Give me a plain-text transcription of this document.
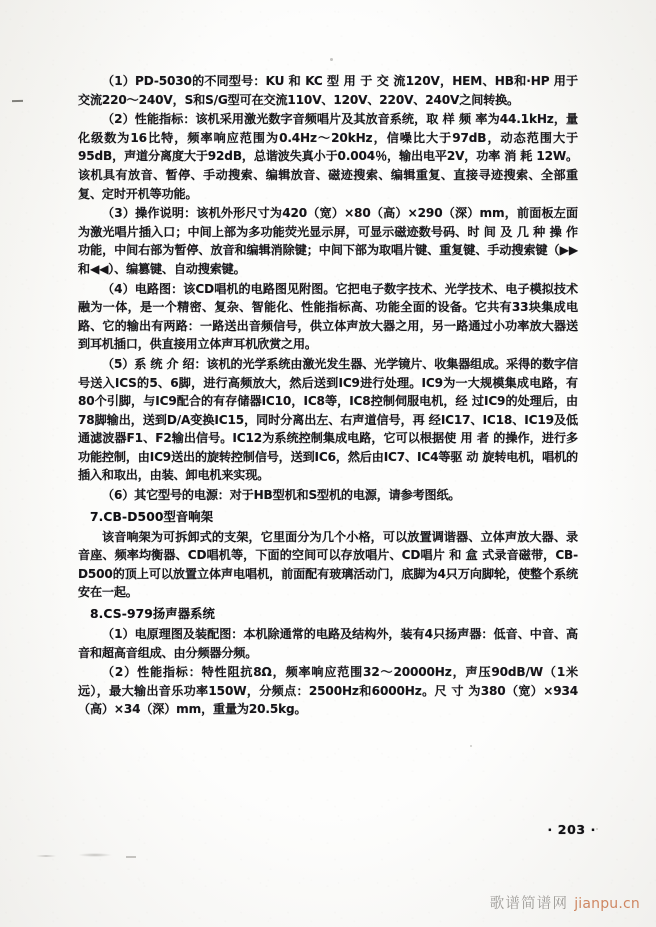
（1）PD-5030的不同型号：KU 和 KC 型 用 于 交 流120V，HEM、HB和·HP 用于 交流220～240V，S和S/G型可在交流110V、120V、220V、240V之间转换。

（2）性能指标：该机采用激光数字音频唱片及其放音系统，取 样 频 率为44.1kHz，量化级数为16比特，频率响应范围为0.4Hz～20kHz，信噪比大于97dB，动态范围大于95dB，声道分离度大于92dB，总谐波失真小于0.004％，输出电平2V，功率 消 耗 12W。该机具有放音、暂停、手动搜索、编辑放音、磁迹搜索、编辑重复、直接寻迹搜索、全部重复、定时开机等功能。

（3）操作说明：该机外形尺寸为420（宽）×80（高）×290（深）mm，前面板左面为激光唱片插入口；中间上部为多功能荧光显示屏，可显示磁迹数号码、时 间 及 几 种 操 作功能，中间右部为暂停、放音和编辑消除键；中间下部为取唱片键、重复键、手动搜索键（▶▶和◀◀）、编篡键、自动搜索键。

（4）电路图：该CD唱机的电路图见附图。它把电子数字技术、光学技术、电子模拟技术融为一体，是一个精密、复杂、智能化、性能指标高、功能全面的设备。它共有33块集成电路、它的输出有两路：一路送出音频信号，供立体声放大器之用，另一路通过小功率放大器送到耳机插口，供直接用立体声耳机欣赏之用。

（5）系 统 介 绍：该机的光学系统由激光发生器、光学镜片、收集器组成。采得的数字信号送入ICS的5、6脚，进行高频放大，然后送到IC9进行处理。IC9为一大规模集成电路，有80个引脚，与IC9配合的有存储器IC10，IC8等，IC8控制伺服电机，经 过IC9的处理后，由78脚输出，送到D/A变换IC15，同时分离出左、右声道信号，再 经IC17、IC18、IC19及低通滤波器F1、F2输出信号。IC12为系统控制集成电路，它可以根据使 用 者 的操作，进行多功能控制，由IC9送出的旋转控制信号，送到IC6，然后由IC7、IC4等驱 动 旋转电机，唱机的插入和取出，由装、卸电机来实现。

（6）其它型号的电源：对于HB型机和S型机的电源，请参考图纸。

7.CB-D500型音响架

该音响架为可拆卸式的支架，它里面分为几个小格，可以放置调谐器、立体声放大器、录音座、频率均衡器、CD唱机等，下面的空间可以存放唱片、CD唱片 和 盒 式录音磁带，CB-D500的顶上可以放置立体声电唱机，前面配有玻璃活动门，底脚为4只万向脚轮，使整个系统安在一起。

8.CS-979扬声器系统

（1）电原理图及装配图：本机除通常的电路及结构外，装有4只扬声器：低音、中音、高音和超高音组成、由分频器分频。

（2）性能指标：特性阻抗8Ω，频率响应范围32～20000Hz，声压90dB/W（1米远），最大输出音乐功率150W，分频点：2500Hz和6000Hz。尺 寸 为380（宽）×934（高）×34（深）mm，重量为20.5kg。

· 203 ·
歌谱简谱网 jianpu.cn
